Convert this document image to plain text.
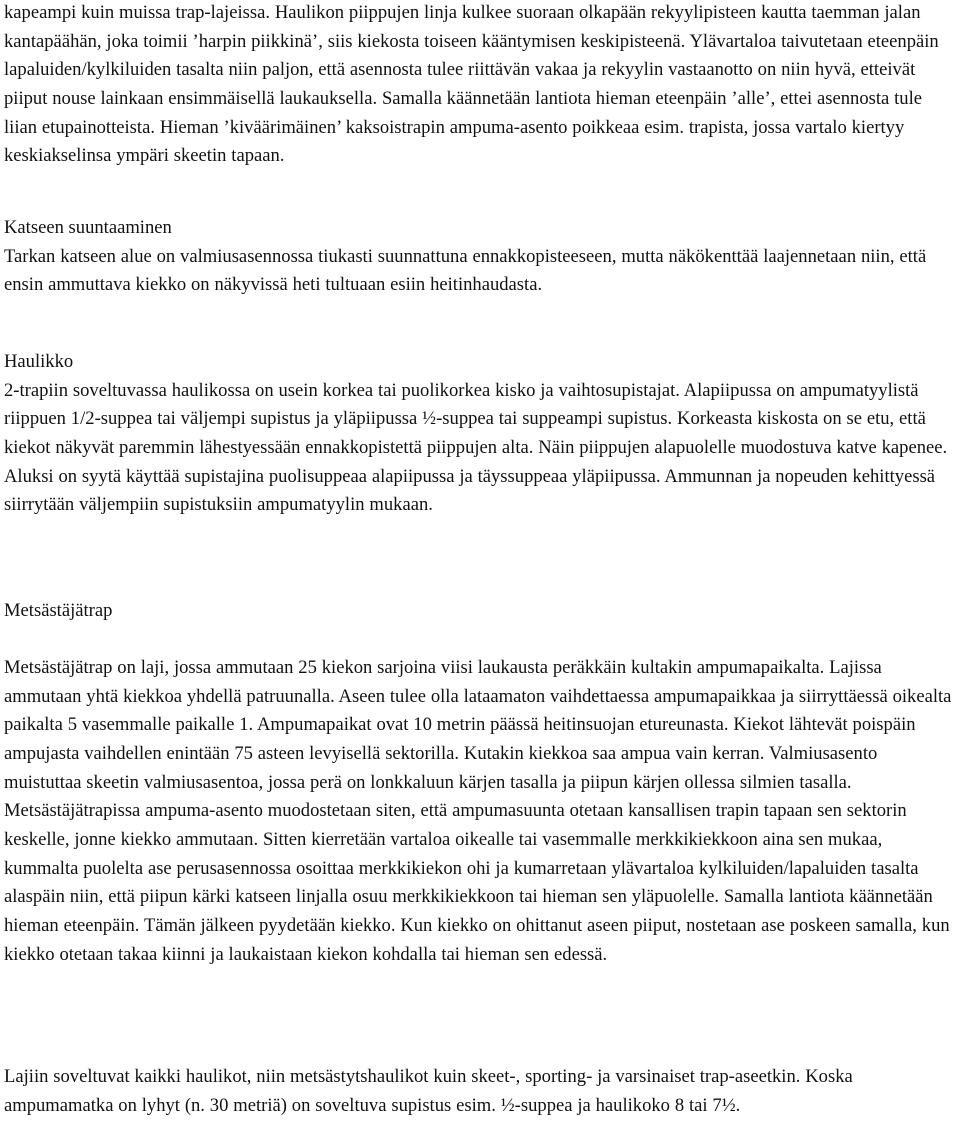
kapeampi kuin muissa trap-lajeissa. Haulikon piippujen linja kulkee suoraan olkapään rekyylipisteen kautta taemman jalan kantapäähän, joka toimii ’harpin piikkinä’, siis kiekosta toiseen kääntymisen keskipisteenä. Ylävartaloa taivutetaan eteenpäin lapaluiden/kylkiluiden tasalta niin paljon, että asennosta tulee riittävän vakaa ja rekyylin vastaanotto on niin hyvä, etteivät piiput nouse lainkaan ensimmäisellä laukauksella. Samalla käännetään lantiota hieman eteenpäin ’alle’, ettei asennosta tule liian etupainotteista. Hieman ’kiväärimäinen’ kaksoistrapin ampuma-asento poikkeaa esim. trapista, jossa vartalo kiertyy keskiakselinsa ympäri skeetin tapaan.

Katseen suuntaaminen
Tarkan katseen alue on valmiusasennossa tiukasti suunnattuna ennakkopisteeseen, mutta näkökenttää laajennetaan niin, että ensin ammuttava kiekko on näkyvissä heti tultuaan esiin heitinhaudasta.
Haulikko
2-trapiin soveltuvassa haulikossa on usein korkea tai puolikorkea kisko ja vaihtosupistajat. Alapiipussa on ampumatyylistä riippuen 1/2-suppea tai väljempi supistus ja yläpiipussa ½-suppea tai suppeampi supistus. Korkeasta kiskosta on se etu, että kiekot näkyvät paremmin lähestyessään ennakkopistettä piippujen alta. Näin piippujen alapuolelle muodostuva katve kapenee. Aluksi on syytä käyttää supistajina puolisuppeaa alapiipussa ja täyssuppeaa yläpiipussa. Ammunnan ja nopeuden kehittyessä siirrytään väljempiin supistuksiin ampumatyylin mukaan.
Metsästäjätrap
Metsästäjätrap on laji, jossa ammutaan 25 kiekon sarjoina viisi laukausta peräkkäin kultakin ampumapaikalta. Lajissa ammutaan yhtä kiekkoa yhdellä patruunalla. Aseen tulee olla lataamaton vaihdettaessa ampumapaikkaa ja siirryttäessä oikealta paikalta 5 vasemmalle paikalle 1. Ampumapaikat ovat 10 metrin päässä heitinsuojan etureunasta. Kiekot lähtevät poispäin ampujasta vaihdellen enintään 75 asteen levyisellä sektorilla. Kutakin kiekkoa saa ampua vain kerran. Valmiusasento muistuttaa skeetin valmiusasentoa, jossa perä on lonkkaluun kärjen tasalla ja piipun kärjen ollessa silmien tasalla. Metsästäjätrapissa ampuma-asento muodostetaan siten, että ampumasuunta otetaan kansallisen trapin tapaan sen sektorin keskelle, jonne kiekko ammutaan. Sitten kierretään vartaloa oikealle tai vasemmalle merkkikiekkoon aina sen mukaa, kummalta puolelta ase perusasennossa osoittaa merkkikiekon ohi ja kumarretaan ylävartaloa kylkiluiden/lapaluiden tasalta alaspäin niin, että piipun kärki katseen linjalla osuu merkkikiekkoon tai hieman sen yläpuolelle. Samalla lantiota käännetään hieman eteenpäin. Tämän jälkeen pyydetään kiekko. Kun kiekko on ohittanut aseen piiput, nostetaan ase poskeen samalla, kun kiekko otetaan takaa kiinni ja laukaistaan kiekon kohdalla tai hieman sen edessä.

Lajiin soveltuvat kaikki haulikot, niin metsästytshaulikot kuin skeet-, sporting- ja varsinaiset trap-aseetkin. Koska ampumamatka on lyhyt (n. 30 metriä) on soveltuva supistus esim. ½-suppea ja haulikoko 8 tai 7½.
